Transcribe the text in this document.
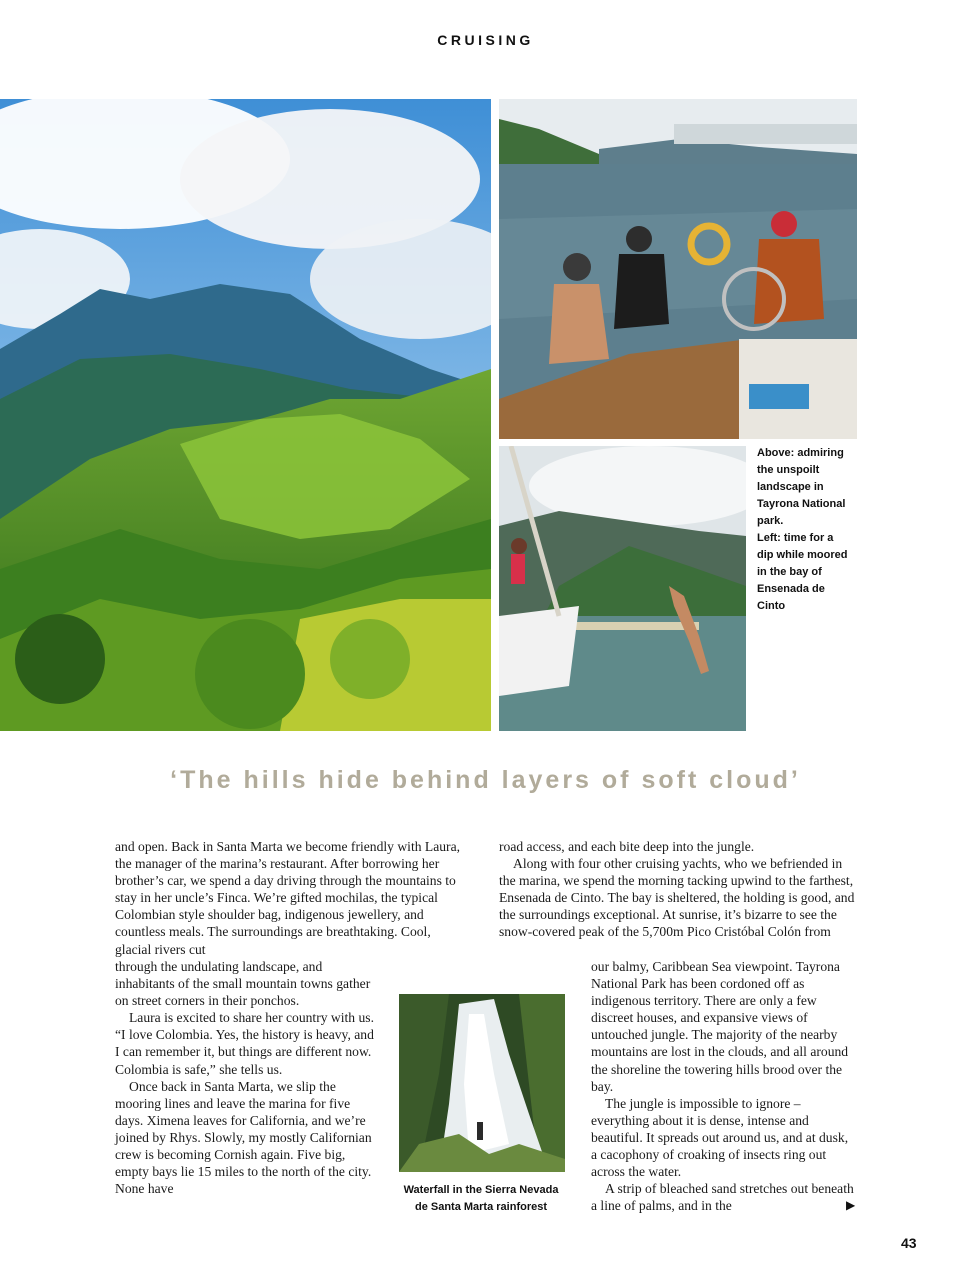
CRUISING
Above: admiring
the unspoilt
landscape in
Tayrona National
park.
Left: time for a
dip while moored
in the bay of
Ensenada de
Cinto
‘The hills hide behind layers of soft cloud’

and open. Back in Santa Marta we become friendly with Laura, the manager of the marina’s restaurant. After borrowing her brother’s car, we spend a day driving through the mountains to stay in her uncle’s Finca. We’re gifted mochilas, the typical Colombian style shoulder bag, indigenous jewellery, and countless meals. The surroundings are breathtaking. Cool, glacial rivers cut

through the undulating landscape, and inhabitants of the small mountain towns gather on street corners in their ponchos.

Laura is excited to share her country with us. “I love Colombia. Yes, the history is heavy, and I can remember it, but things are different now. Colombia is safe,” she tells us.

Once back in Santa Marta, we slip the mooring lines and leave the marina for five days. Ximena leaves for California, and we’re joined by Rhys. Slowly, my mostly Californian crew is becoming Cornish again. Five big, empty bays lie 15 miles to the north of the city. None have	Waterfall in the Sierra Nevada
de Santa Marta rainforest

road access, and each bite deep into the jungle.

Along with four other cruising yachts, who we befriended in the marina, we spend the morning tacking upwind to the farthest, Ensenada de Cinto. The bay is sheltered, the holding is good, and the surroundings exceptional. At sunrise, it’s bizarre to see the snow-covered peak of the 5,700m Pico Cristóbal Colón from

our balmy, Caribbean Sea viewpoint. Tayrona National Park has been cordoned off as indigenous territory. There are only a few discreet houses, and expansive views of untouched jungle. The majority of the nearby mountains are lost in the clouds, and all around the shoreline the towering hills brood over the bay.

The jungle is impossible to ignore – everything about it is dense, intense and beautiful. It spreads out around us, and at dusk, a cacophony of croaking of insects ring out across the water.

A strip of bleached sand stretches out beneath a line of palms, and in the	▶
43
